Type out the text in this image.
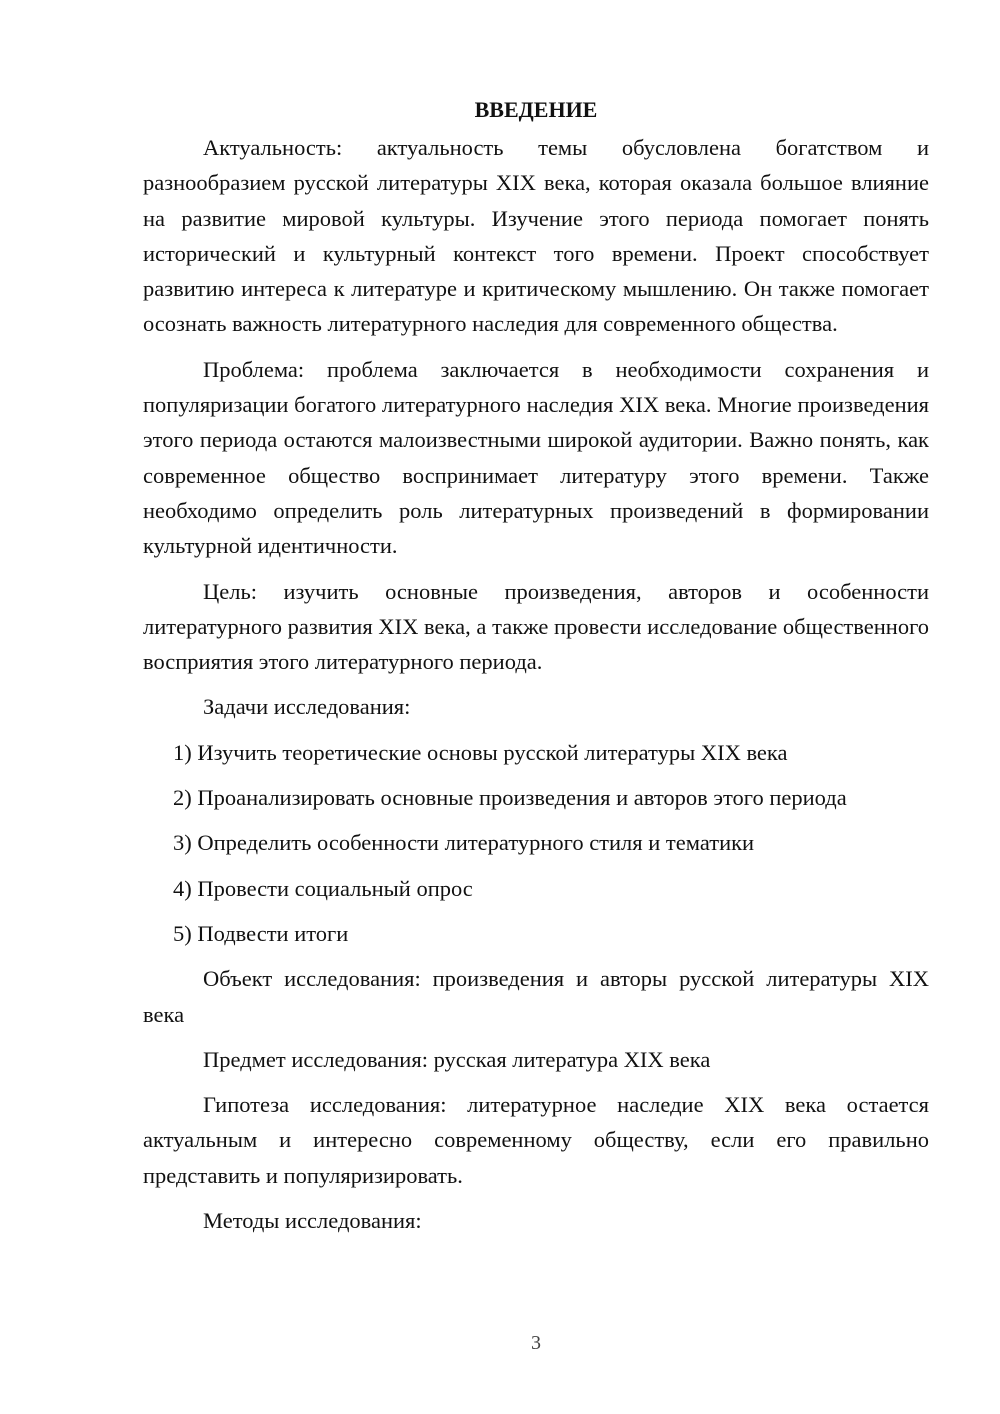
ВВЕДЕНИЕ

Актуальность: актуальность темы обусловлена богатством и разнообразием русской литературы XIX века, которая оказала большое влияние на развитие мировой культуры. Изучение этого периода помогает понять исторический и культурный контекст того времени. Проект способствует развитию интереса к литературе и критическому мышлению. Он также помогает осознать важность литературного наследия для современного общества.

Проблема: проблема заключается в необходимости сохранения и популяризации богатого литературного наследия XIX века. Многие произведения этого периода остаются малоизвестными широкой аудитории. Важно понять, как современное общество воспринимает литературу этого времени. Также необходимо определить роль литературных произведений в формировании культурной идентичности.

Цель: изучить основные произведения, авторов и особенности литературного развития XIX века, а также провести исследование общественного восприятия этого литературного периода.

Задачи исследования:

1) Изучить теоретические основы русской литературы XIX века
2) Проанализировать основные произведения и авторов этого периода
3) Определить особенности литературного стиля и тематики
4) Провести социальный опрос
5) Подвести итоги

Объект исследования: произведения и авторы русской литературы XIX века

Предмет исследования: русская литература XIX века

Гипотеза исследования: литературное наследие XIX века остается актуальным и интересно современному обществу, если его правильно представить и популяризировать.

Методы исследования:

3
